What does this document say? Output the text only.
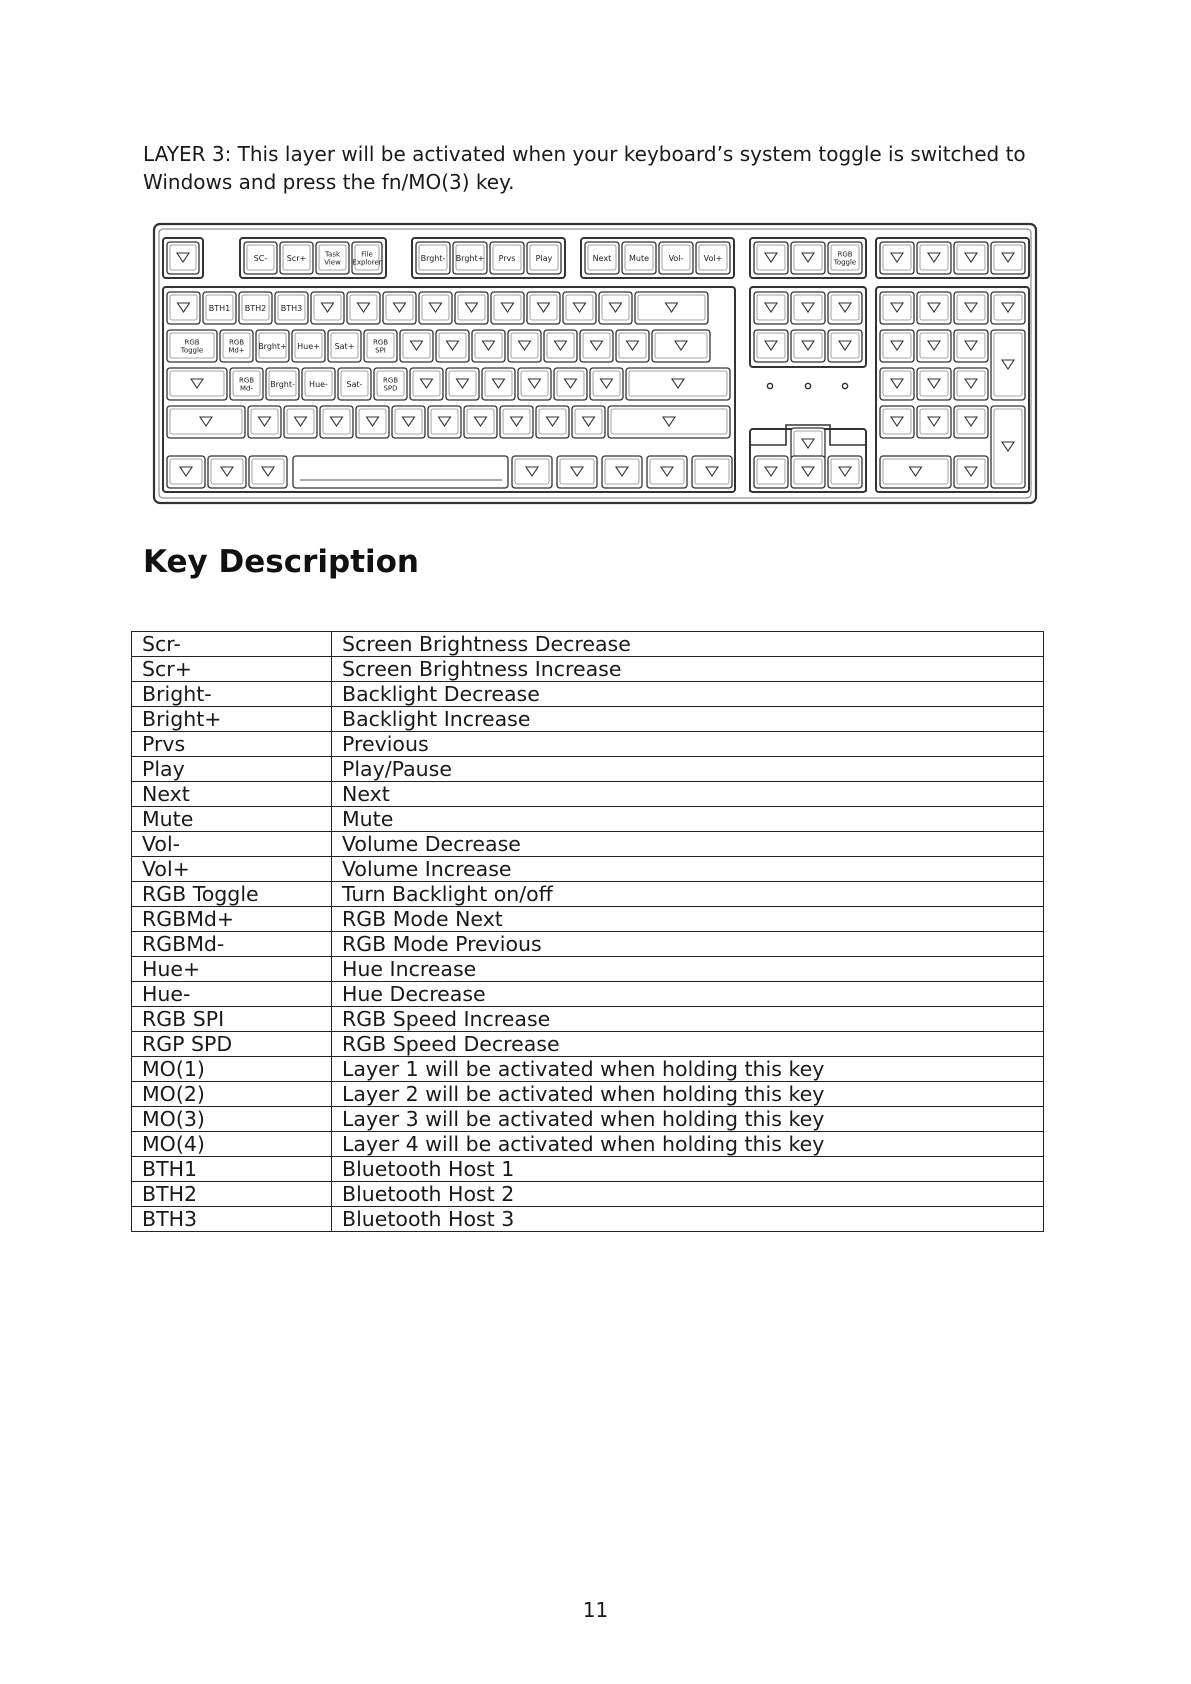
LAYER 3: This layer will be activated when your keyboard’s system toggle is switched to Windows and press the fn/MO(3) key.

SC- Scr+	Task
View
File
Explorer	Brght- Brght+ Prvs	Play	Next Mute Vol-	Vol+	RGB
Toggle
BTH1 BTH2 BTH3
RGB
Toggle
RGB
Md+ Brght+ Hue+ Sat+	RGB
SPI
RGB
Md- Brght- Hue- Sat-	RGB
SPD
Key Description
Scr-	Screen Brightness Decrease
Scr+	Screen Brightness Increase
Bright-	Backlight Decrease
Bright+	Backlight Increase
Prvs	Previous
Play	Play/Pause
Next	Next
Mute	Mute
Vol-	Volume Decrease
Vol+	Volume Increase
RGB Toggle	Turn Backlight on/off
RGBMd+	RGB Mode Next
RGBMd-	RGB Mode Previous
Hue+	Hue Increase
Hue-	Hue Decrease
RGB SPI	RGB Speed Increase
RGP SPD	RGB Speed Decrease
MO(1)	Layer 1 will be activated when holding this key
MO(2)	Layer 2 will be activated when holding this key
MO(3)	Layer 3 will be activated when holding this key
MO(4)	Layer 4 will be activated when holding this key
BTH1	Bluetooth Host 1
BTH2	Bluetooth Host 2
BTH3	Bluetooth Host 3
11
